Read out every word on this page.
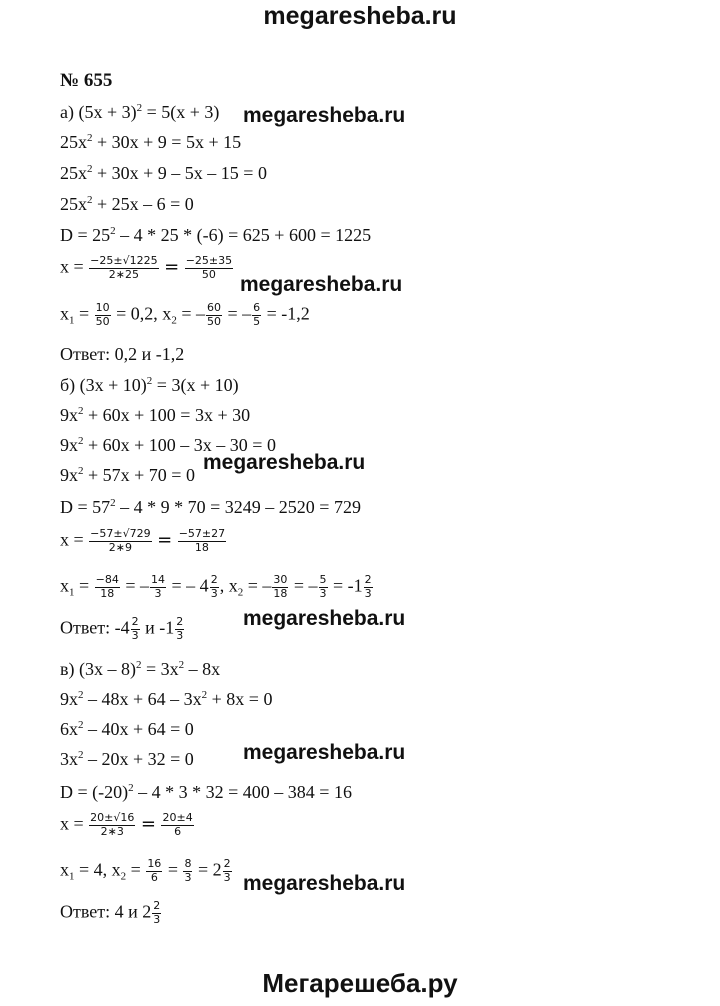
megaresheba.ru
№ 655
а) $(5x + 3)^2 = 5(x + 3)$
$25x^2 + 30x + 9 = 5x + 15$
$25x^2 + 30x + 9 - 5x - 15 = 0$
$25x^2 + 25x - 6 = 0$
$D = 25^2 - 4 * 25 * (-6) = 625 + 600 = 1225$
$x = \frac{-25\pm√1225}{2∗25} = \frac{-25\pm 35}{50}$
$x_1 = \frac{10}{50} = 0,2$, $x_2$ = – $\frac{60}{50}$ = – $\frac{6}{5} = -1,2$
Ответ: 0,2 и -1,2
б) $(3x + 10)^2 = 3(x + 10)$
$9x^2 + 60x + 100 = 3x + 30$
$9x^2 + 60x + 100 - 3x - 30 = 0$
$9x^2 + 57x + 70 = 0$
$D = 57^2 - 4 * 9 * 70 = 3249 - 2520 = 729$
$x = \frac{-57\pm√729}{2∗9} = \frac{-57\pm 27}{18}$
$x_1 = \frac{-84}{18}$ = – $\frac{14}{3}$ = – $4 \frac{2}{3}$ , $x_2$ = – $\frac{30}{18}$ = – $\frac{5}{3} = -1 \frac{2}{3}$
Ответ: $-4 \frac{2}{3}$ и $-1 \frac{2}{3}$
в) $(3x - 8)^2 = 3x^2 - 8x$
$9x^2 - 48x + 64 - 3x^2 + 8x = 0$
$6x^2 - 40x + 64 = 0$
$3x^2 - 20x + 32 = 0$
$D = (-20)^2 - 4 * 3 * 32 = 400 - 384 = 16$
$x = \frac{20\pm√16}{2∗3} = \frac{20\pm 4}{6}$
$x_1 = 4$, $x_2 = \frac{16}{6} = \frac{8}{3} = 2 \frac{2}{3}$
Ответ: 4 и $2 \frac{2}{3}$
megaresheba.ru
megaresheba.ru
megaresheba.ru
megaresheba.ru
megaresheba.ru
megaresheba.ru
Мегарешеба.ру
